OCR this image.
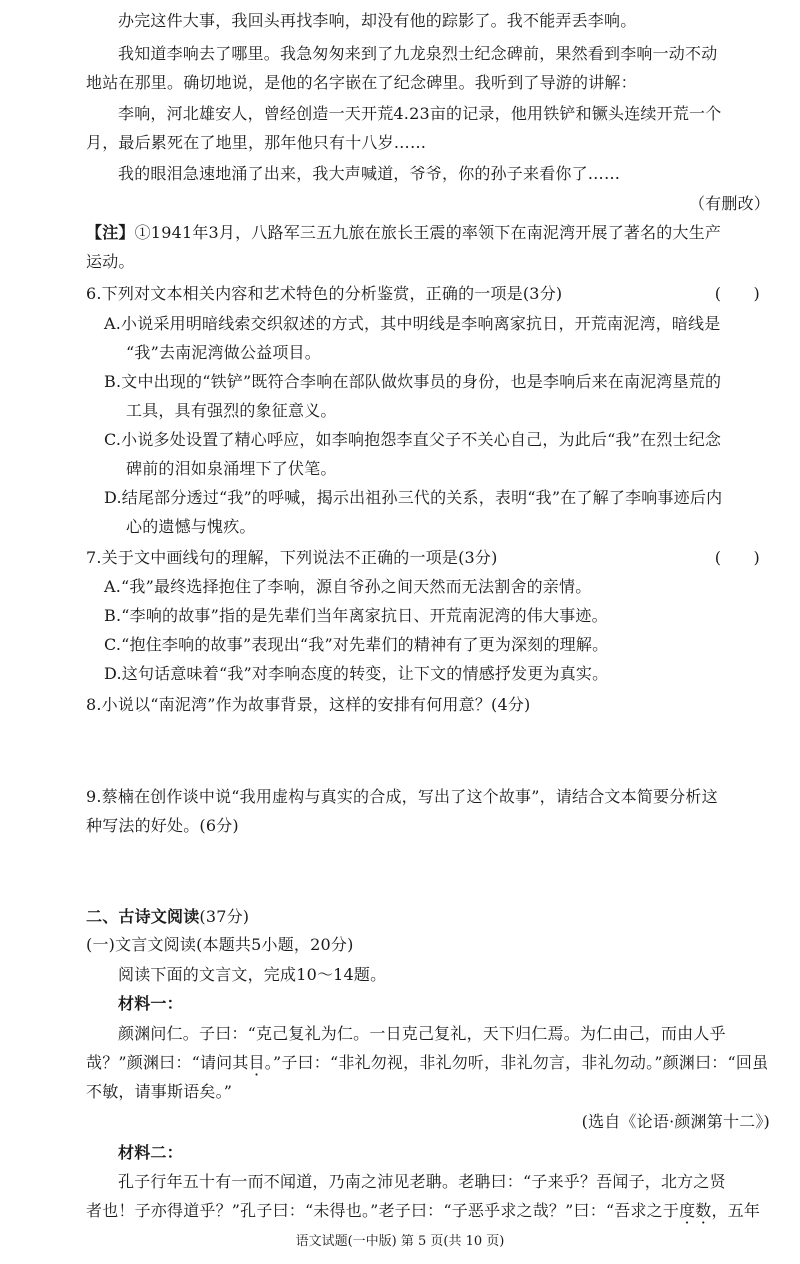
办完这件大事，我回头再找李响，却没有他的踪影了。我不能弄丢李响。
我知道李响去了哪里。我急匆匆来到了九龙泉烈士纪念碑前，果然看到李响一动不动
地站在那里。确切地说，是他的名字嵌在了纪念碑里。我听到了导游的讲解：
李响，河北雄安人，曾经创造一天开荒4.23亩的记录，他用铁铲和镢头连续开荒一个
月，最后累死在了地里，那年他只有十八岁……
我的眼泪急速地涌了出来，我大声喊道，爷爷，你的孙子来看你了……
（有删改）
【注】①1941年3月，八路军三五九旅在旅长王震的率领下在南泥湾开展了著名的大生产
运动。
6.下列对文本相关内容和艺术特色的分析鉴赏，正确的一项是(3分)	(　　)
A.小说采用明暗线索交织叙述的方式，其中明线是李响离家抗日，开荒南泥湾，暗线是
“我”去南泥湾做公益项目。
B.文中出现的“铁铲”既符合李响在部队做炊事员的身份，也是李响后来在南泥湾垦荒的
工具，具有强烈的象征意义。
C.小说多处设置了精心呼应，如李响抱怨李直父子不关心自己，为此后“我”在烈士纪念
碑前的泪如泉涌埋下了伏笔。
D.结尾部分透过“我”的呼喊，揭示出祖孙三代的关系，表明“我”在了解了李响事迹后内
心的遗憾与愧疚。
7.关于文中画线句的理解，下列说法不正确的一项是(3分)	(　　)
A.“我”最终选择抱住了李响，源自爷孙之间天然而无法割舍的亲情。
B.“李响的故事”指的是先辈们当年离家抗日、开荒南泥湾的伟大事迹。
C.“抱住李响的故事”表现出“我”对先辈们的精神有了更为深刻的理解。
D.这句话意味着“我”对李响态度的转变，让下文的情感抒发更为真实。
8.小说以“南泥湾”作为故事背景，这样的安排有何用意？(4分)
9.蔡楠在创作谈中说“我用虚构与真实的合成，写出了这个故事”，请结合文本简要分析这
种写法的好处。(6分)
二、古诗文阅读(37分)
(一)文言文阅读(本题共5小题，20分)
阅读下面的文言文，完成10～14题。
材料一：
颜渊问仁。子曰：“克己复礼为仁。一日克己复礼，天下归仁焉。为仁由己，而由人乎
哉？”颜渊曰：“请问其目。”子曰：“非礼勿视，非礼勿听，非礼勿言，非礼勿动。”颜渊曰：“回虽
不敏，请事斯语矣。”
(选自《论语·颜渊第十二》)
材料二：
孔子行年五十有一而不闻道，乃南之沛见老聃。老聃曰：“子来乎？吾闻子，北方之贤
者也！子亦得道乎？”孔子曰：“未得也。”老子曰：“子恶乎求之哉？”曰：“吾求之于度数，五年
语文试题(一中版) 第 5 页(共 10 页)
